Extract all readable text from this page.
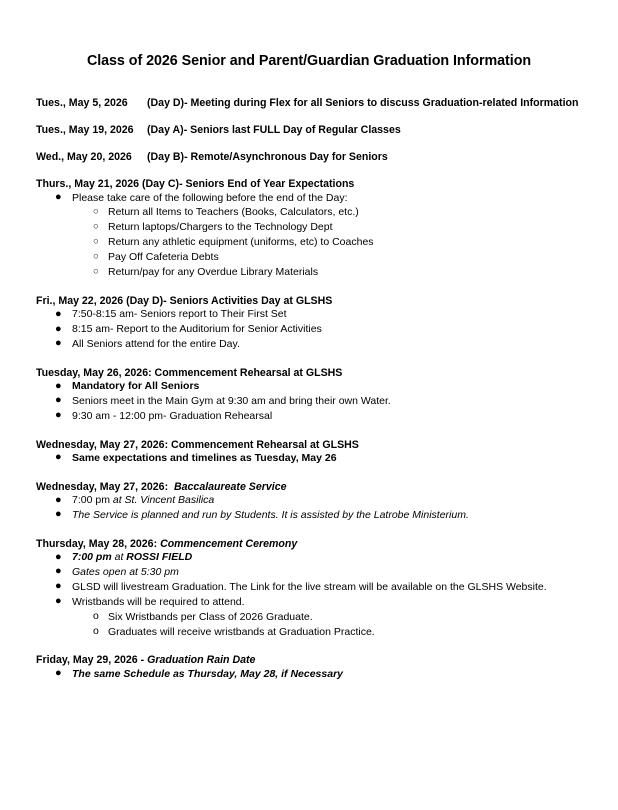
Class of 2026 Senior and Parent/Guardian Graduation Information
Tues., May 5, 2026	(Day D)- Meeting during Flex for all Seniors to discuss Graduation-related Information
Tues., May 19, 2026	(Day A)- Seniors last FULL Day of Regular Classes
Wed., May 20, 2026	(Day B)- Remote/Asynchronous Day for Seniors
Thurs., May 21, 2026 (Day C)- Seniors End of Year Expectations
● Please take care of the following before the end of the Day:
○ Return all Items to Teachers (Books, Calculators, etc.)
○ Return laptops/Chargers to the Technology Dept
○ Return any athletic equipment (uniforms, etc) to Coaches
○ Pay Off Cafeteria Debts
○ Return/pay for any Overdue Library Materials
Fri., May 22, 2026 (Day D)- Seniors Activities Day at GLSHS
● 7:50-8:15 am- Seniors report to Their First Set
● 8:15 am- Report to the Auditorium for Senior Activities
● All Seniors attend for the entire Day.
Tuesday, May 26, 2026: Commencement Rehearsal at GLSHS
● Mandatory for All Seniors
● Seniors meet in the Main Gym at 9:30 am and bring their own Water.
● 9:30 am - 12:00 pm- Graduation Rehearsal
Wednesday, May 27, 2026: Commencement Rehearsal at GLSHS
● Same expectations and timelines as Tuesday, May 26
Wednesday, May 27, 2026: Baccalaureate Service
● 7:00 pm at St. Vincent Basilica
● The Service is planned and run by Students. It is assisted by the Latrobe Ministerium.
Thursday, May 28, 2026: Commencement Ceremony
● 7:00 pm at ROSSI FIELD
● Gates open at 5:30 pm
● GLSD will livestream Graduation. The Link for the live stream will be available on the GLSHS Website.
● Wristbands will be required to attend.
o Six Wristbands per Class of 2026 Graduate.
o Graduates will receive wristbands at Graduation Practice.
Friday, May 29, 2026 - Graduation Rain Date
● The same Schedule as Thursday, May 28, if Necessary
